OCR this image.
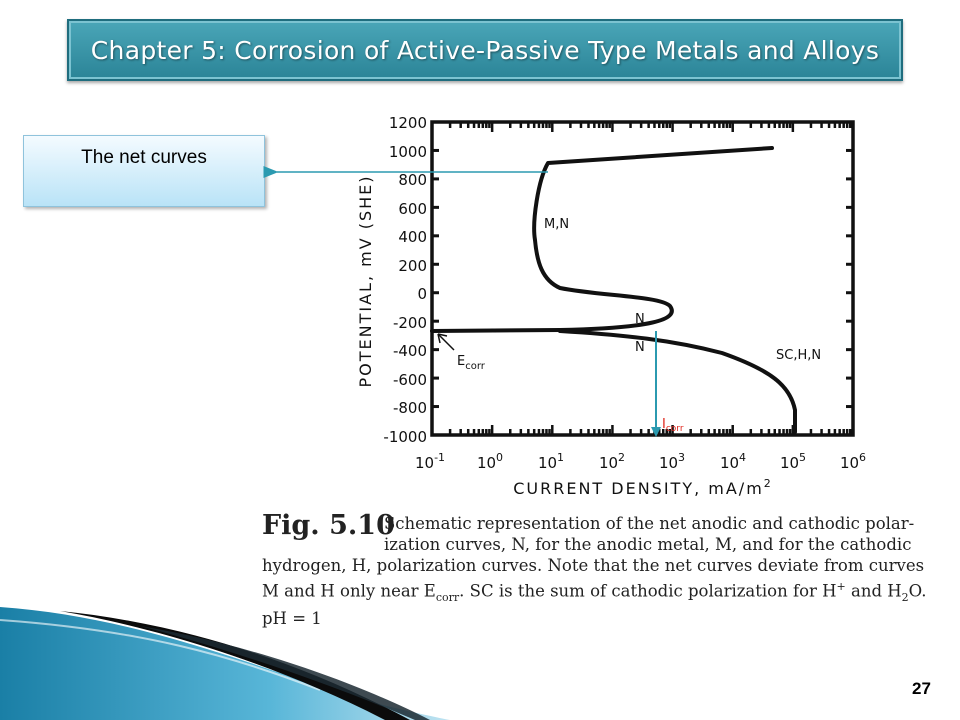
Chapter 5: Corrosion of Active-Passive Type Metals and Alloys
The net curves
1200
1000
800
600
400
200
0
-200
-400
-600
-800
-1000
$10^{-1}$ $10^0$ $10^1$ $10^2$ $10^3$ $10^4$ $10^5$ $10^6$
POTENTIAL, mV (SHE)
CURRENT DENSITY, $mA/m^2$
M,N
N
N
SC,H,N
$E_{corr}$
$I_{corr}$
Fig. 5.10
Schematic representation of the net anodic and cathodic polar-
ization curves, N, for the anodic metal, M, and for the cathodic
hydrogen, H, polarization curves. Note that the net curves deviate from curves
M and H only near $E_{corr}$. SC is the sum of cathodic polarization for H+ and $H_2O$.
pH = 1
27
